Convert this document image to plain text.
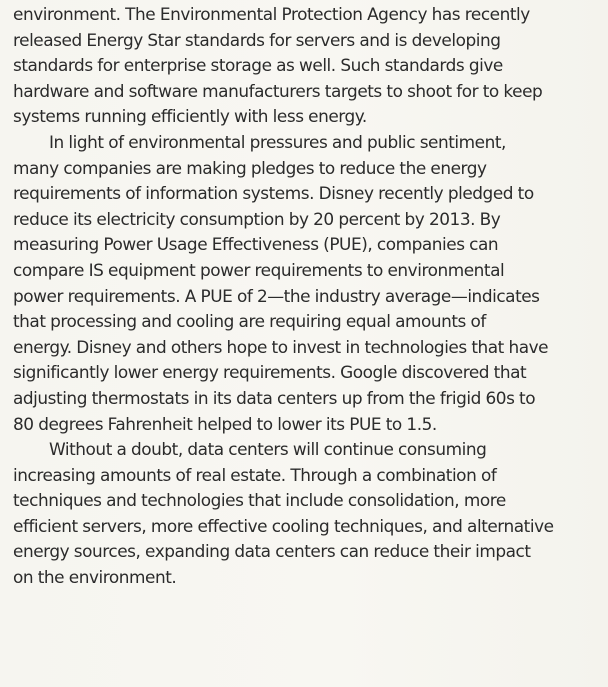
environment. The Environmental Protection Agency has recently
released Energy Star standards for servers and is developing
standards for enterprise storage as well. Such standards give
hardware and software manufacturers targets to shoot for to keep
systems running efficiently with less energy.
In light of environmental pressures and public sentiment,
many companies are making pledges to reduce the energy
requirements of information systems. Disney recently pledged to
reduce its electricity consumption by 20 percent by 2013. By
measuring Power Usage Effectiveness (PUE), companies can
compare IS equipment power requirements to environmental
power requirements. A PUE of 2—the industry average—indicates
that processing and cooling are requiring equal amounts of
energy. Disney and others hope to invest in technologies that have
significantly lower energy requirements. Google discovered that
adjusting thermostats in its data centers up from the frigid 60s to
80 degrees Fahrenheit helped to lower its PUE to 1.5.
Without a doubt, data centers will continue consuming
increasing amounts of real estate. Through a combination of
techniques and technologies that include consolidation, more
efficient servers, more effective cooling techniques, and alternative
energy sources, expanding data centers can reduce their impact
on the environment.
